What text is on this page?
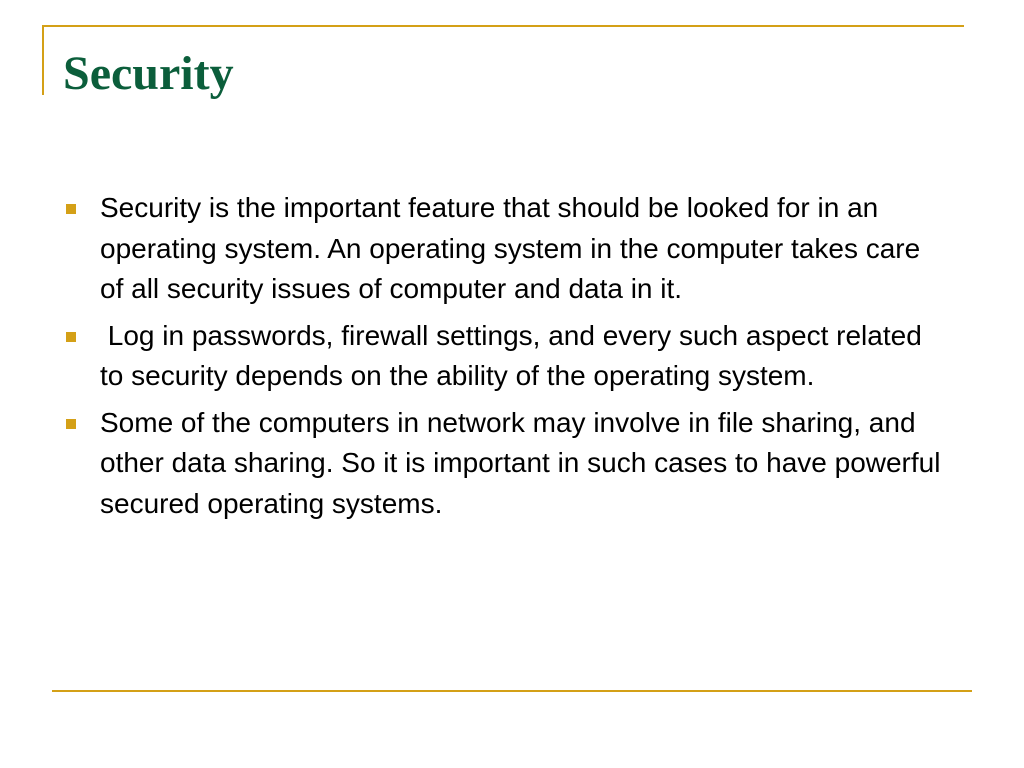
Security
Security is the important feature that should be looked for in an operating system. An operating system in the computer takes care of all security issues of computer and data in it.
Log in passwords, firewall settings, and every such aspect related to security depends on the ability of the operating system.
Some of the computers in network may involve in file sharing, and other data sharing. So it is important in such cases to have powerful secured operating systems.
